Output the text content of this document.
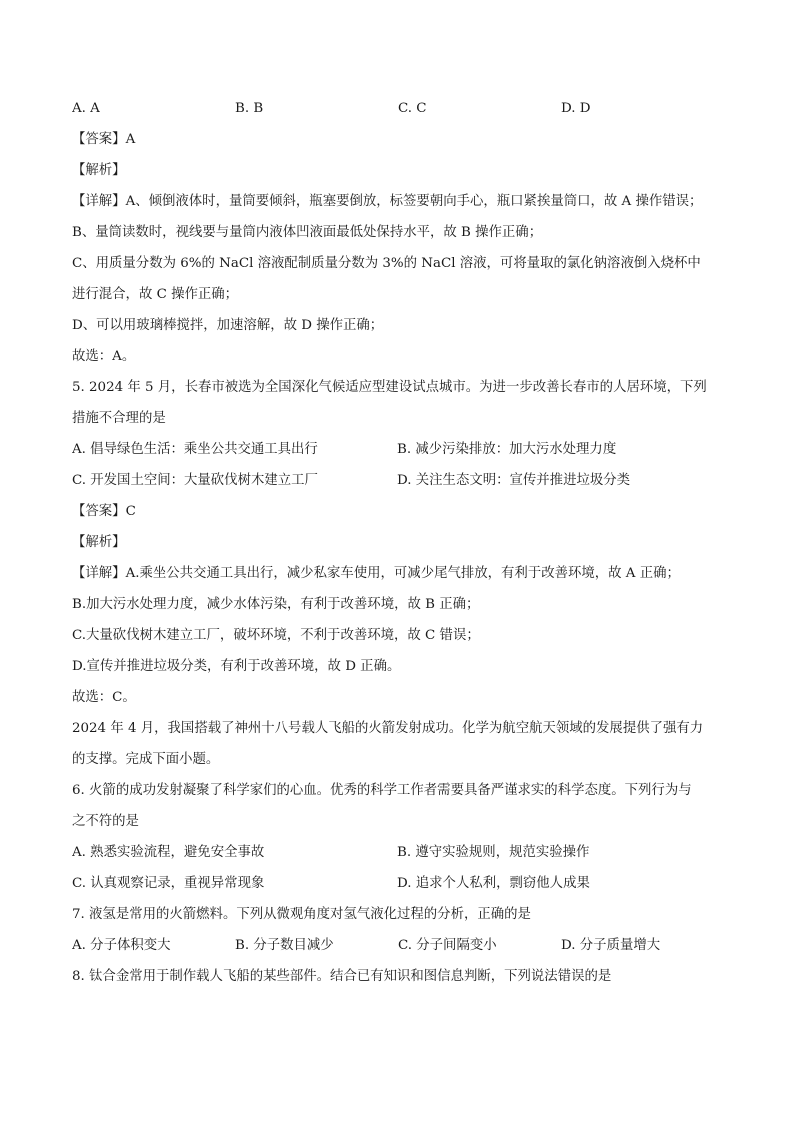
A. A	B. B	C. C	D. D
【 答案 】 A
【 解析 】
【 详解 】 A、倾倒液体时，量筒要倾斜，瓶塞要倒放，标签要朝向手心，瓶口紧挨量筒口，故 A 操作错误；
B、量筒读数时，视线要与量筒内液体凹液面最低处保持水平，故 B 操作正确；
C、用质量分数为 6%的 NaCl 溶液配制质量分数为 3%的 NaCl 溶液，可将量取的氯化钠溶液倒入烧杯中
进行混合，故 C 操作正确；
D、可以用玻璃棒搅拌，加速溶解，故 D 操作正确；
故选：A。
5. 2024 年 5 月，长春市被选为全国深化气候适应型建设试点城市。为进一步改善长春市的人居环境，下列
措施不合理的是
A. 倡导绿色生活：乘坐公共交通工具出行	B. 减少污染排放：加大污水处理力度
C. 开发国土空间：大量砍伐树木建立工厂	D. 关注生态文明：宣传并推进垃圾分类
【 答案 】 C
【 解析 】
【 详解 】 A.乘坐公共交通工具出行，减少私家车使用，可减少尾气排放，有利于改善环境，故 A 正确；
B.加大污水处理力度，减少水体污染，有利于改善环境，故 B 正确；
C.大量砍伐树木建立工厂，破坏环境，不利于改善环境，故 C 错误；
D.宣传并推进垃圾分类，有利于改善环境，故 D 正确。
故选：C。
2024 年 4 月，我国搭载了神州十八号载人飞船的火箭发射成功。化学为航空航天领域的发展提供了强有力
的支撑。完成下面小题。
6. 火箭的成功发射凝聚了科学家们的心血。优秀的科学工作者需要具备严谨求实的科学态度。下列行为与
之不符的是
A. 熟悉实验流程，避免安全事故	B. 遵守实验规则，规范实验操作
C. 认真观察记录，重视异常现象	D. 追求个人私利，剽窃他人成果
7. 液氢是常用的火箭燃料。下列从微观角度对氢气液化过程的分析，正确的是
A. 分子体积变大	B. 分子数目减少	C. 分子间隔变小	D. 分子质量增大
8. 钛合金常用于制作载人飞船的某些部件。结合已有知识和图信息判断，下列说法错误的是
